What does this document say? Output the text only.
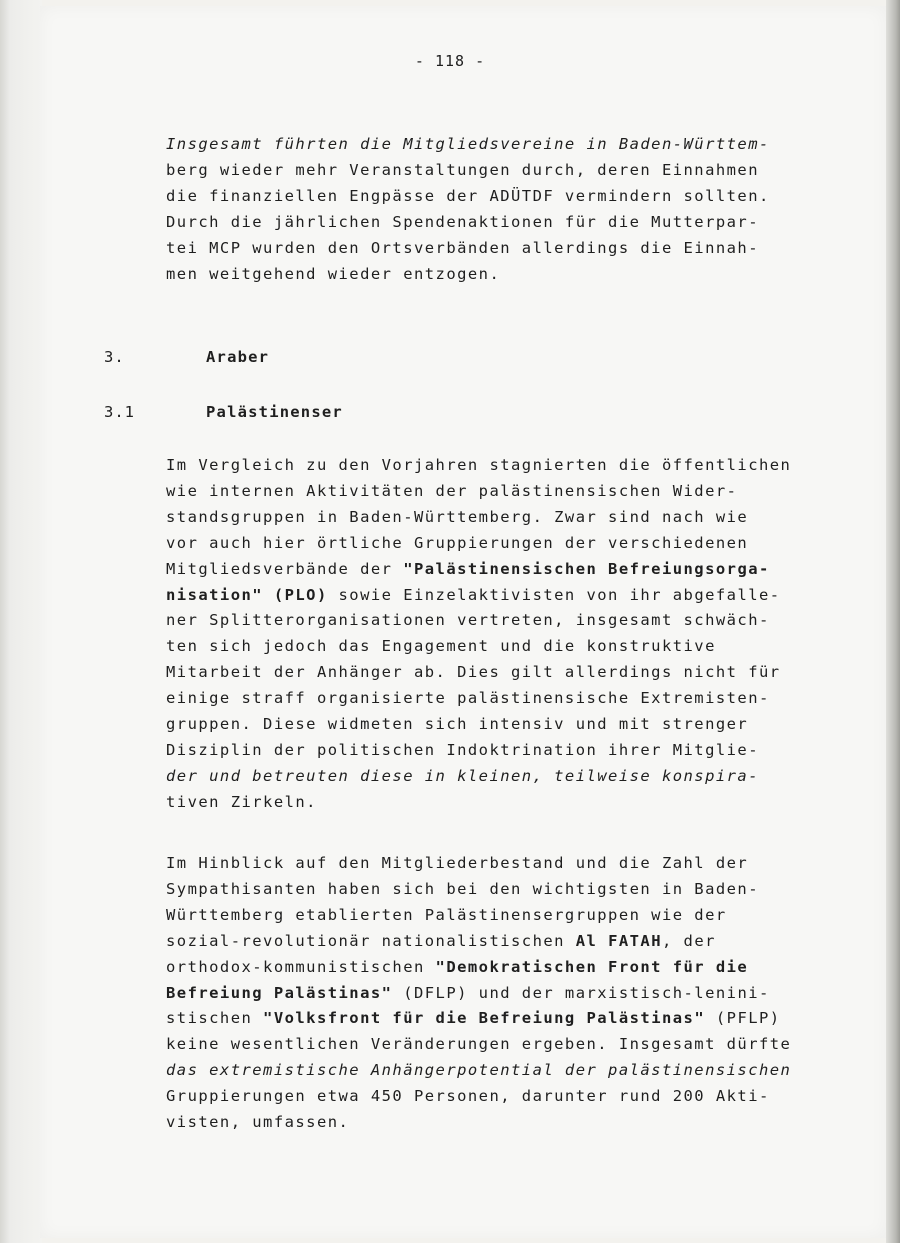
- 118 -
Insgesamt führten die Mitgliedsvereine in Baden-Württem-
berg wieder mehr Veranstaltungen durch, deren Einnahmen
die finanziellen Engpässe der ADÜTDF vermindern sollten.
Durch die jährlichen Spendenaktionen für die Mutterpar-
tei MCP wurden den Ortsverbänden allerdings die Einnah-
men weitgehend wieder entzogen.
3.	Araber
3.1	Palästinenser
Im Vergleich zu den Vorjahren stagnierten die öffentlichen
wie internen Aktivitäten der palästinensischen Wider-
standsgruppen in Baden-Württemberg. Zwar sind nach wie
vor auch hier örtliche Gruppierungen der verschiedenen
Mitgliedsverbände der "Palästinensischen Befreiungsorga-
nisation" (PLO) sowie Einzelaktivisten von ihr abgefalle-
ner Splitterorganisationen vertreten, insgesamt schwäch-
ten sich jedoch das Engagement und die konstruktive
Mitarbeit der Anhänger ab. Dies gilt allerdings nicht für
einige straff organisierte palästinensische Extremisten-
gruppen. Diese widmeten sich intensiv und mit strenger
Disziplin der politischen Indoktrination ihrer Mitglie-
der und betreuten diese in kleinen, teilweise konspira-
tiven Zirkeln.
Im Hinblick auf den Mitgliederbestand und die Zahl der
Sympathisanten haben sich bei den wichtigsten in Baden-
Württemberg etablierten Palästinensergruppen wie der
sozial-revolutionär nationalistischen Al FATAH, der
orthodox-kommunistischen "Demokratischen Front für die
Befreiung Palästinas" (DFLP) und der marxistisch-lenini-
stischen "Volksfront für die Befreiung Palästinas" (PFLP)
keine wesentlichen Veränderungen ergeben. Insgesamt dürfte
das extremistische Anhängerpotential der palästinensischen
Gruppierungen etwa 450 Personen, darunter rund 200 Akti-
visten, umfassen.
